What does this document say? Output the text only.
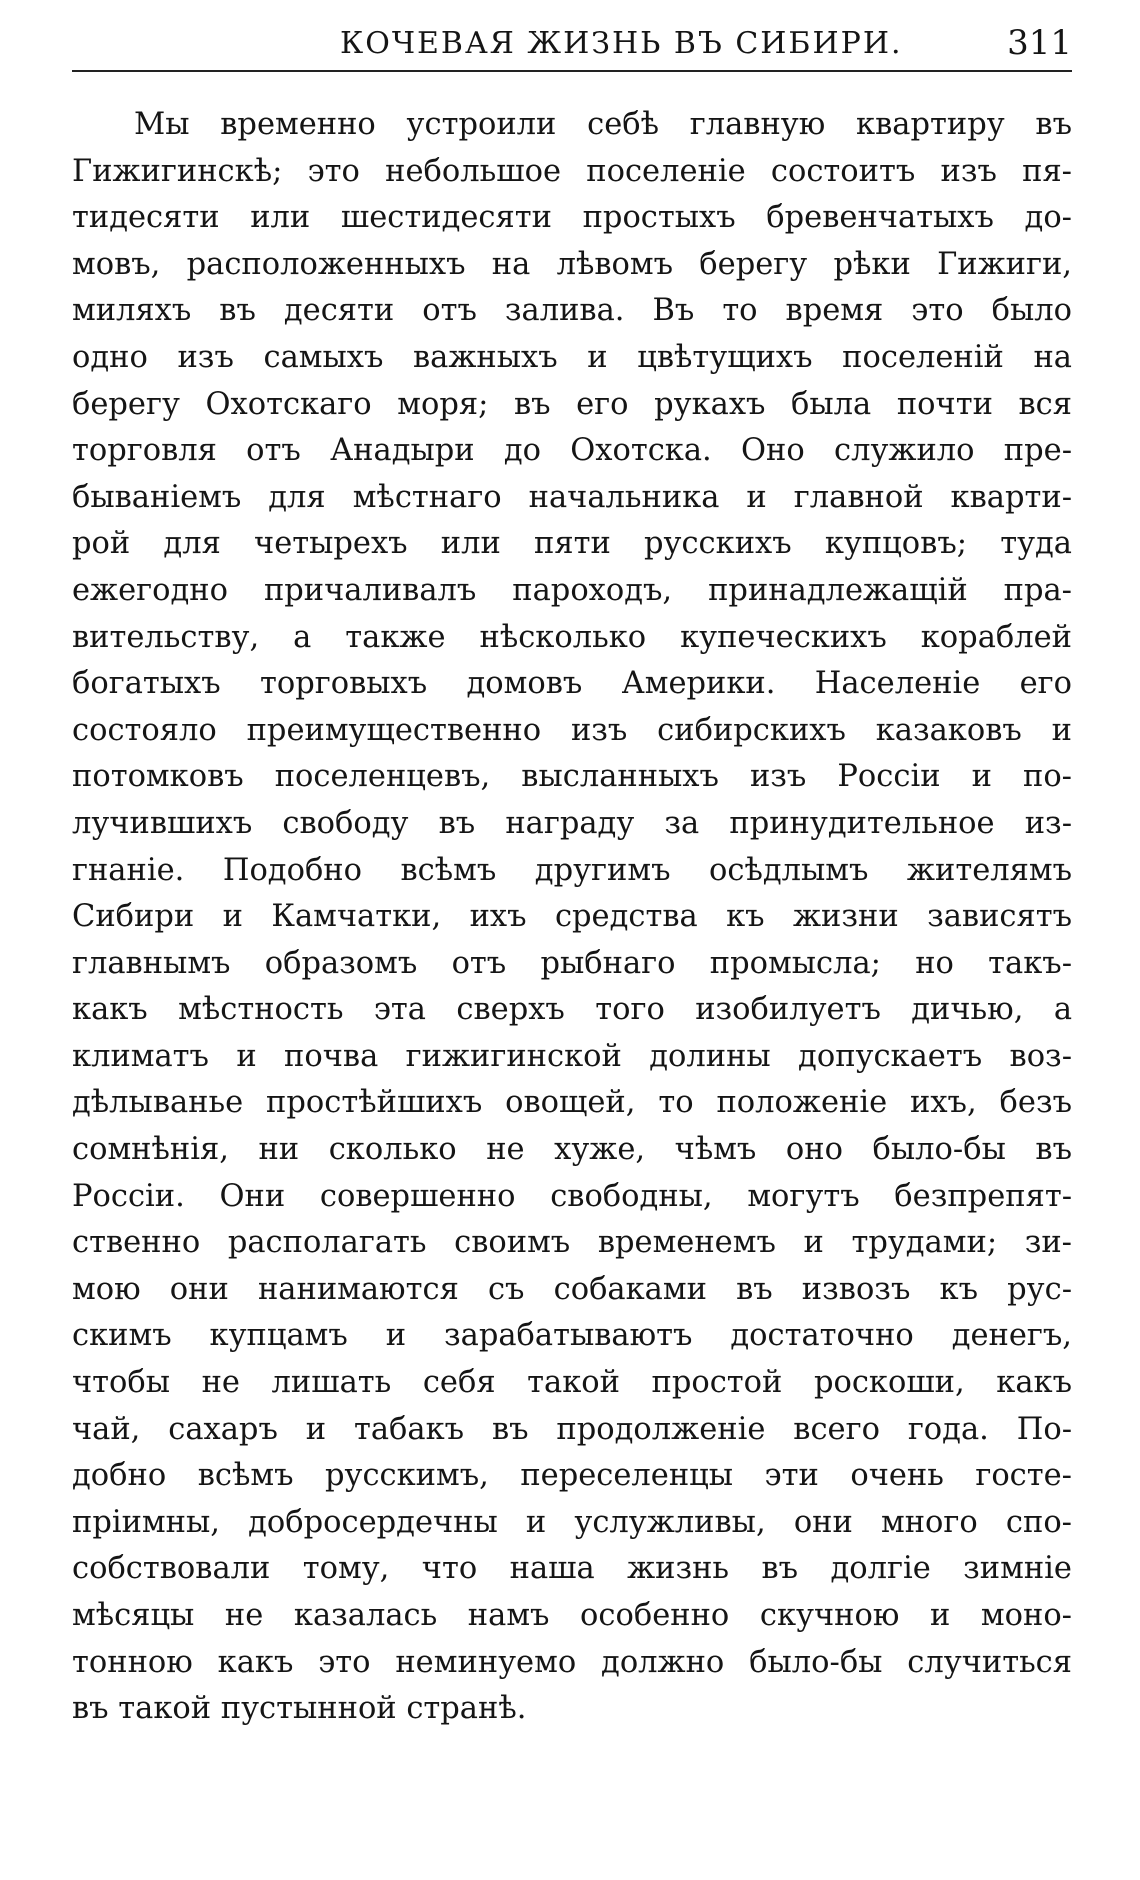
КОЧЕВАЯ ЖИЗНЬ ВЪ СИБИРИ.	311
Мы временно устроили себѣ главную квартиру въ
Гижигинскѣ; это небольшое поселеніе состоитъ изъ пя-
тидесяти или шестидесяти простыхъ бревенчатыхъ до-
мовъ, расположенныхъ на лѣвомъ берегу рѣки Гижиги,
миляхъ въ десяти отъ залива. Въ то время это было
одно изъ самыхъ важныхъ и цвѣтущихъ поселеній на
берегу Охотскаго моря; въ его рукахъ была почти вся
торговля отъ Анадыри до Охотска. Оно служило пре-
быванiемъ для мѣстнаго начальника и главной кварти-
рой для четырехъ или пяти русскихъ купцовъ; туда
ежегодно причаливалъ пароходъ, принадлежащій пра-
вительству, а также нѣсколько купеческихъ кораблей
богатыхъ торговыхъ домовъ Америки. Населеніе его
состояло преимущественно изъ сибирскихъ казаковъ и
потомковъ поселенцевъ, высланныхъ изъ Россіи и по-
лучившихъ свободу въ награду за принудительное из-
гнаніе. Подобно всѣмъ другимъ осѣдлымъ жителямъ
Сибири и Камчатки, ихъ средства къ жизни зависятъ
главнымъ образомъ отъ рыбнаго промысла; но такъ-
какъ мѣстность эта сверхъ того изобилуетъ дичью, а
климатъ и почва гижигинской долины допускаетъ воз-
дѣлыванье простѣйшихъ овощей, то положеніе ихъ, безъ
сомнѣнія, ни сколько не хуже, чѣмъ оно было-бы въ
Россіи. Они совершенно свободны, могутъ безпрепят-
ственно располагать своимъ временемъ и трудами; зи-
мою они нанимаются съ собаками въ извозъ къ рус-
скимъ купцамъ и зарабатываютъ достаточно денегъ,
чтобы не лишать себя такой простой роскоши, какъ
чай, сахаръ и табакъ въ продолженіе всего года. По-
добно всѣмъ русскимъ, переселенцы эти очень госте-
пріимны, добросердечны и услужливы, они много спо-
собствовали тому, что наша жизнь въ долгіе зимніе
мѣсяцы не казалась намъ особенно скучною и моно-
тонною какъ это неминуемо должно было-бы случиться
въ такой пустынной странѣ.
